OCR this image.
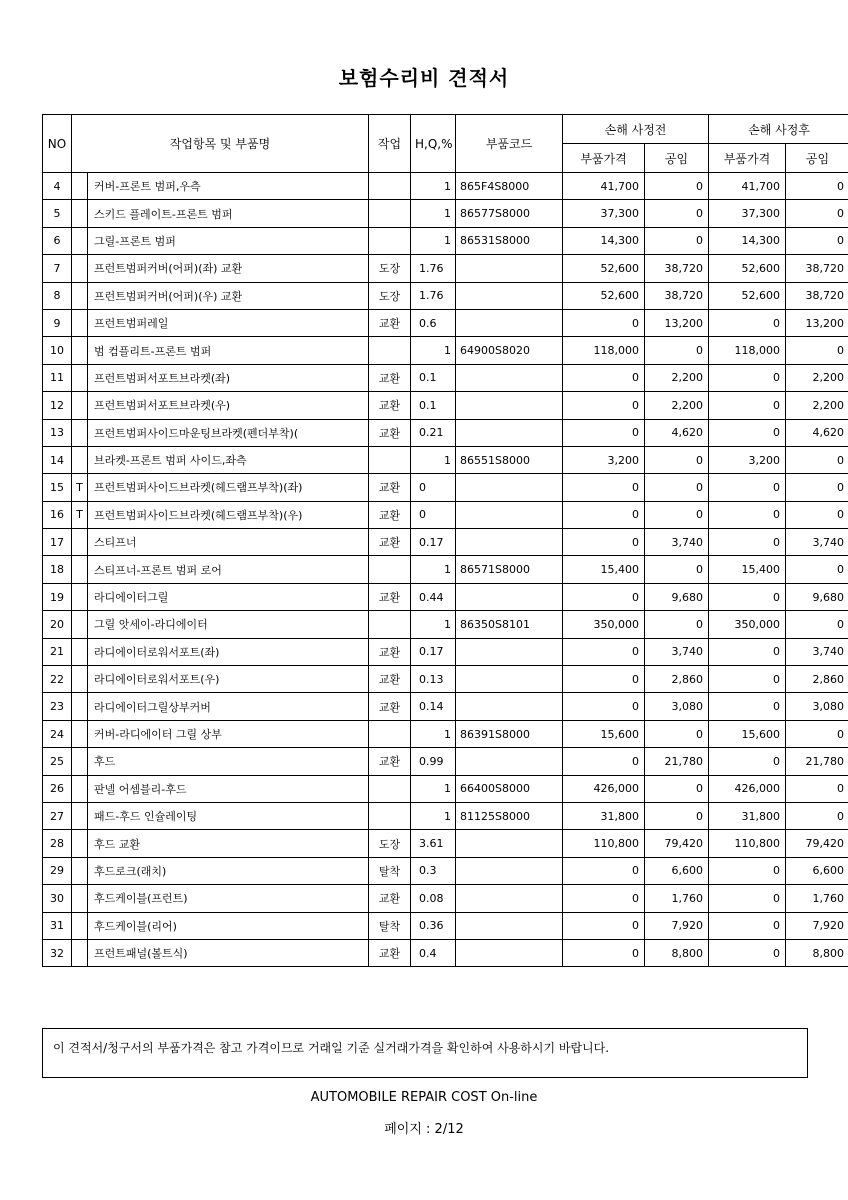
보험수리비 견적서
NO	작업항목 및 부품명		작업	H,Q,%	부품코드	손해 사정전		손해 사정후	
						부품가격	공임	부품가격	공임
4		커버-프론트 범퍼,우측		1	865F4S8000	41,700	0	41,700	0
5		스키드 플레이트-프론트 범퍼		1	86577S8000	37,300	0	37,300	0
6		그릴-프론트 범퍼		1	86531S8000	14,300	0	14,300	0
7		프런트범퍼커버(어퍼)(좌) 교환	도장	1.76		52,600	38,720	52,600	38,720
8		프런트범퍼커버(어퍼)(우) 교환	도장	1.76		52,600	38,720	52,600	38,720
9		프런트범퍼레일	교환	0.6		0	13,200	0	13,200
10		범 컴플리트-프론트 범퍼		1	64900S8020	118,000	0	118,000	0
11		프런트범퍼서포트브라켓(좌)	교환	0.1		0	2,200	0	2,200
12		프런트범퍼서포트브라켓(우)	교환	0.1		0	2,200	0	2,200
13		프런트범퍼사이드마운팅브라켓(펜더부착)(	교환	0.21		0	4,620	0	4,620
14		브라켓-프론트 범퍼 사이드,좌측		1	86551S8000	3,200	0	3,200	0
15	T	프런트범퍼사이드브라켓(헤드램프부착)(좌)	교환	0		0	0	0	0
16	T	프런트범퍼사이드브라켓(헤드램프부착)(우)	교환	0		0	0	0	0
17		스티프너	교환	0.17		0	3,740	0	3,740
18		스티프너-프론트 범퍼 로어		1	86571S8000	15,400	0	15,400	0
19		라디에이터그릴	교환	0.44		0	9,680	0	9,680
20		그릴 앗세이-라디에이터		1	86350S8101	350,000	0	350,000	0
21		라디에이터로워서포트(좌)	교환	0.17		0	3,740	0	3,740
22		라디에이터로워서포트(우)	교환	0.13		0	2,860	0	2,860
23		라디에이터그릴상부커버	교환	0.14		0	3,080	0	3,080
24		커버-라디에이터 그릴 상부		1	86391S8000	15,600	0	15,600	0
25		후드	교환	0.99		0	21,780	0	21,780
26		판넬 어셈블리-후드		1	66400S8000	426,000	0	426,000	0
27		패드-후드 인슐레이팅		1	81125S8000	31,800	0	31,800	0
28		후드 교환	도장	3.61		110,800	79,420	110,800	79,420
29		후드로크(래치)	탈착	0.3		0	6,600	0	6,600
30		후드케이블(프런트)	교환	0.08		0	1,760	0	1,760
31		후드케이블(리어)	탈착	0.36		0	7,920	0	7,920
32		프런트패널(볼트식)	교환	0.4		0	8,800	0	8,800
이 견적서/청구서의 부품가격은 참고 가격이므로 거래일 기준 실거래가격을 확인하여 사용하시기 바랍니다.
AUTOMOBILE REPAIR COST On-line
페이지 : 2/12
